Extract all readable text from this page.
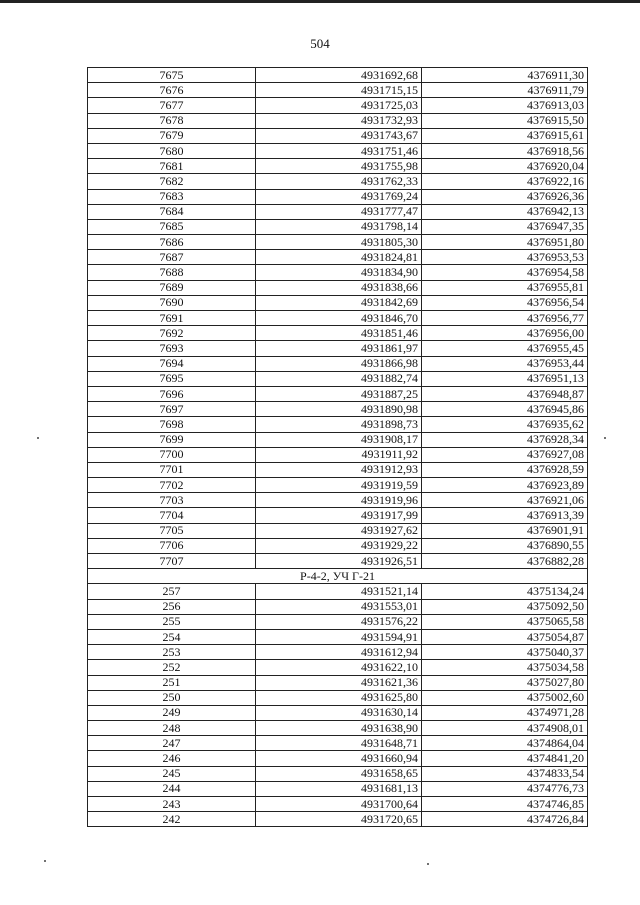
504
7675	4931692,68	4376911,30
7676	4931715,15	4376911,79
7677	4931725,03	4376913,03
7678	4931732,93	4376915,50
7679	4931743,67	4376915,61
7680	4931751,46	4376918,56
7681	4931755,98	4376920,04
7682	4931762,33	4376922,16
7683	4931769,24	4376926,36
7684	4931777,47	4376942,13
7685	4931798,14	4376947,35
7686	4931805,30	4376951,80
7687	4931824,81	4376953,53
7688	4931834,90	4376954,58
7689	4931838,66	4376955,81
7690	4931842,69	4376956,54
7691	4931846,70	4376956,77
7692	4931851,46	4376956,00
7693	4931861,97	4376955,45
7694	4931866,98	4376953,44
7695	4931882,74	4376951,13
7696	4931887,25	4376948,87
7697	4931890,98	4376945,86
7698	4931898,73	4376935,62
7699	4931908,17	4376928,34
7700	4931911,92	4376927,08
7701	4931912,93	4376928,59
7702	4931919,59	4376923,89
7703	4931919,96	4376921,06
7704	4931917,99	4376913,39
7705	4931927,62	4376901,91
7706	4931929,22	4376890,55
7707	4931926,51	4376882,28
Р-4-2, УЧ Г-21		
257	4931521,14	4375134,24
256	4931553,01	4375092,50
255	4931576,22	4375065,58
254	4931594,91	4375054,87
253	4931612,94	4375040,37
252	4931622,10	4375034,58
251	4931621,36	4375027,80
250	4931625,80	4375002,60
249	4931630,14	4374971,28
248	4931638,90	4374908,01
247	4931648,71	4374864,04
246	4931660,94	4374841,20
245	4931658,65	4374833,54
244	4931681,13	4374776,73
243	4931700,64	4374746,85
242	4931720,65	4374726,84
